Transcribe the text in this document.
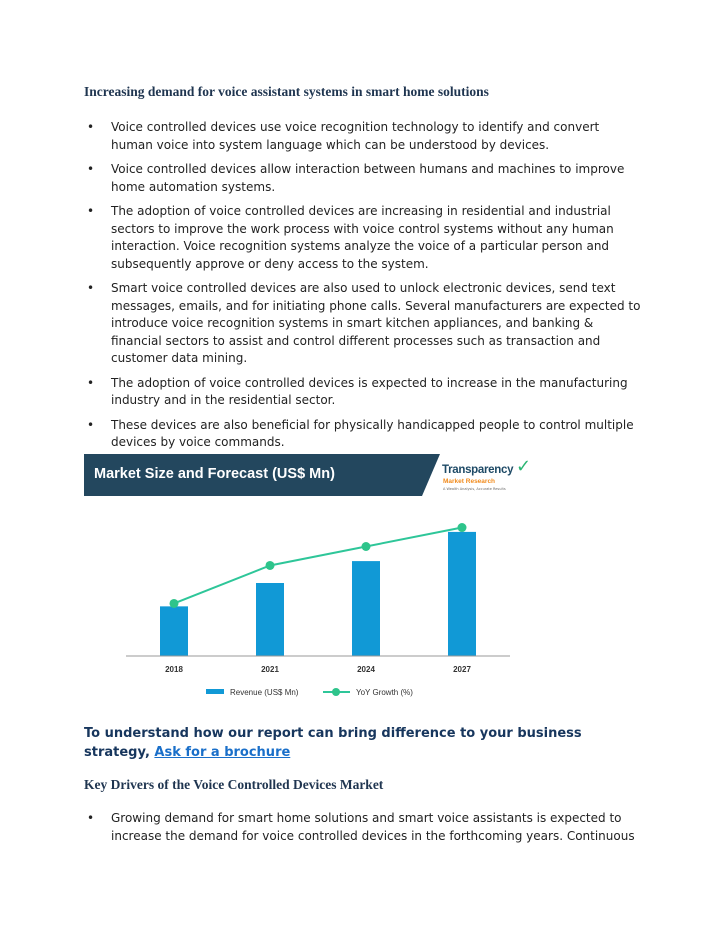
Increasing demand for voice assistant systems in smart home solutions
• Voice controlled devices use voice recognition technology to identify and convert human voice into system language which can be understood by devices.
• Voice controlled devices allow interaction between humans and machines to improve home automation systems.
• The adoption of voice controlled devices are increasing in residential and industrial sectors to improve the work process with voice control systems without any human interaction. Voice recognition systems analyze the voice of a particular person and subsequently approve or deny access to the system.
• Smart voice controlled devices are also used to unlock electronic devices, send text messages, emails, and for initiating phone calls. Several manufacturers are expected to introduce voice recognition systems in smart kitchen appliances, and banking & financial sectors to assist and control different processes such as transaction and customer data mining.
• The adoption of voice controlled devices is expected to increase in the manufacturing industry and in the residential sector.
• These devices are also beneficial for physically handicapped people to control multiple devices by voice commands.
2018	2021	2024	2027
Revenue (US$ Mn)	YoY Growth (%)
Market Size and Forecast (US$ Mn)	Transparency ✓
Market Research
A Wealth Analysis, Accurate Results
To understand how our report can bring difference to your business strategy, Ask for a brochure
Key Drivers of the Voice Controlled Devices Market
• Growing demand for smart home solutions and smart voice assistants is expected to increase the demand for voice controlled devices in the forthcoming years. Continuous
